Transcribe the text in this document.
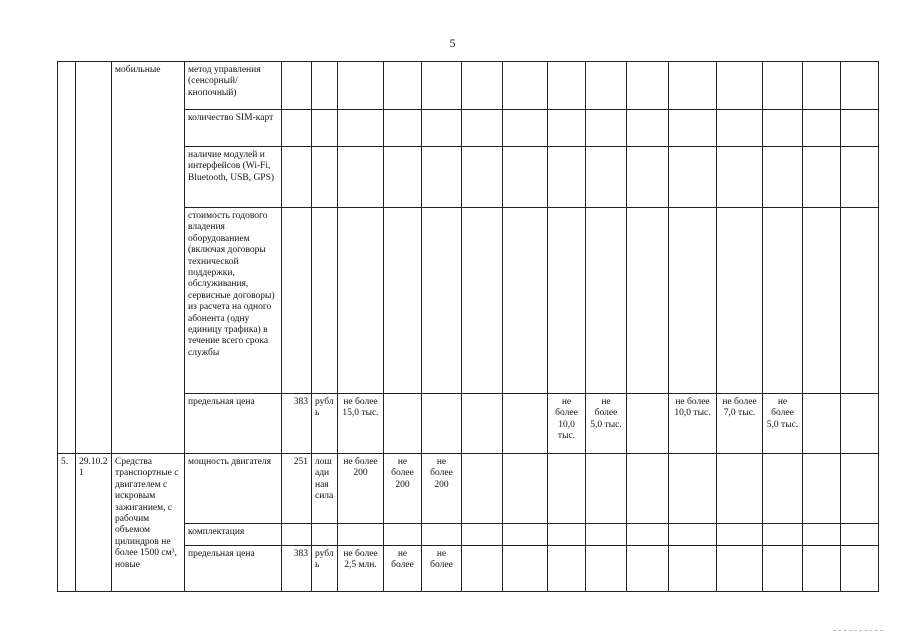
5
		мобильные	метод управления (сенсорный/кнопочный)															
			количество SIM-карт															
			наличие модулей и интерфейсов (Wi-Fi, Bluetooth, USB, GPS)															
			стоимость годового владения оборудованием (включая договоры технической поддержки, обслуживания, сервисные договоры) из расчета на одного абонента (одну единицу трафика) в течение всего срока службы															
			предельная цена	383	рубль	не более 15,0 тыс.					не более 10,0 тыс.	не более 5,0 тыс.		не более 10,0 тыс.	не более 7,0 тыс.	не более 5,0 тыс.		
5.	29.10.21	Средства транспортные с двигателем с искровым зажиганием, с рабочим объемом цилиндров не более 1500 см³, новые	мощность двигателя	251	лошадиная сила	не более 200	не более 200	не более 200										
			комплектация															
			предельная цена	383	рубль	не более 2,5 млн.	не более	не более										
